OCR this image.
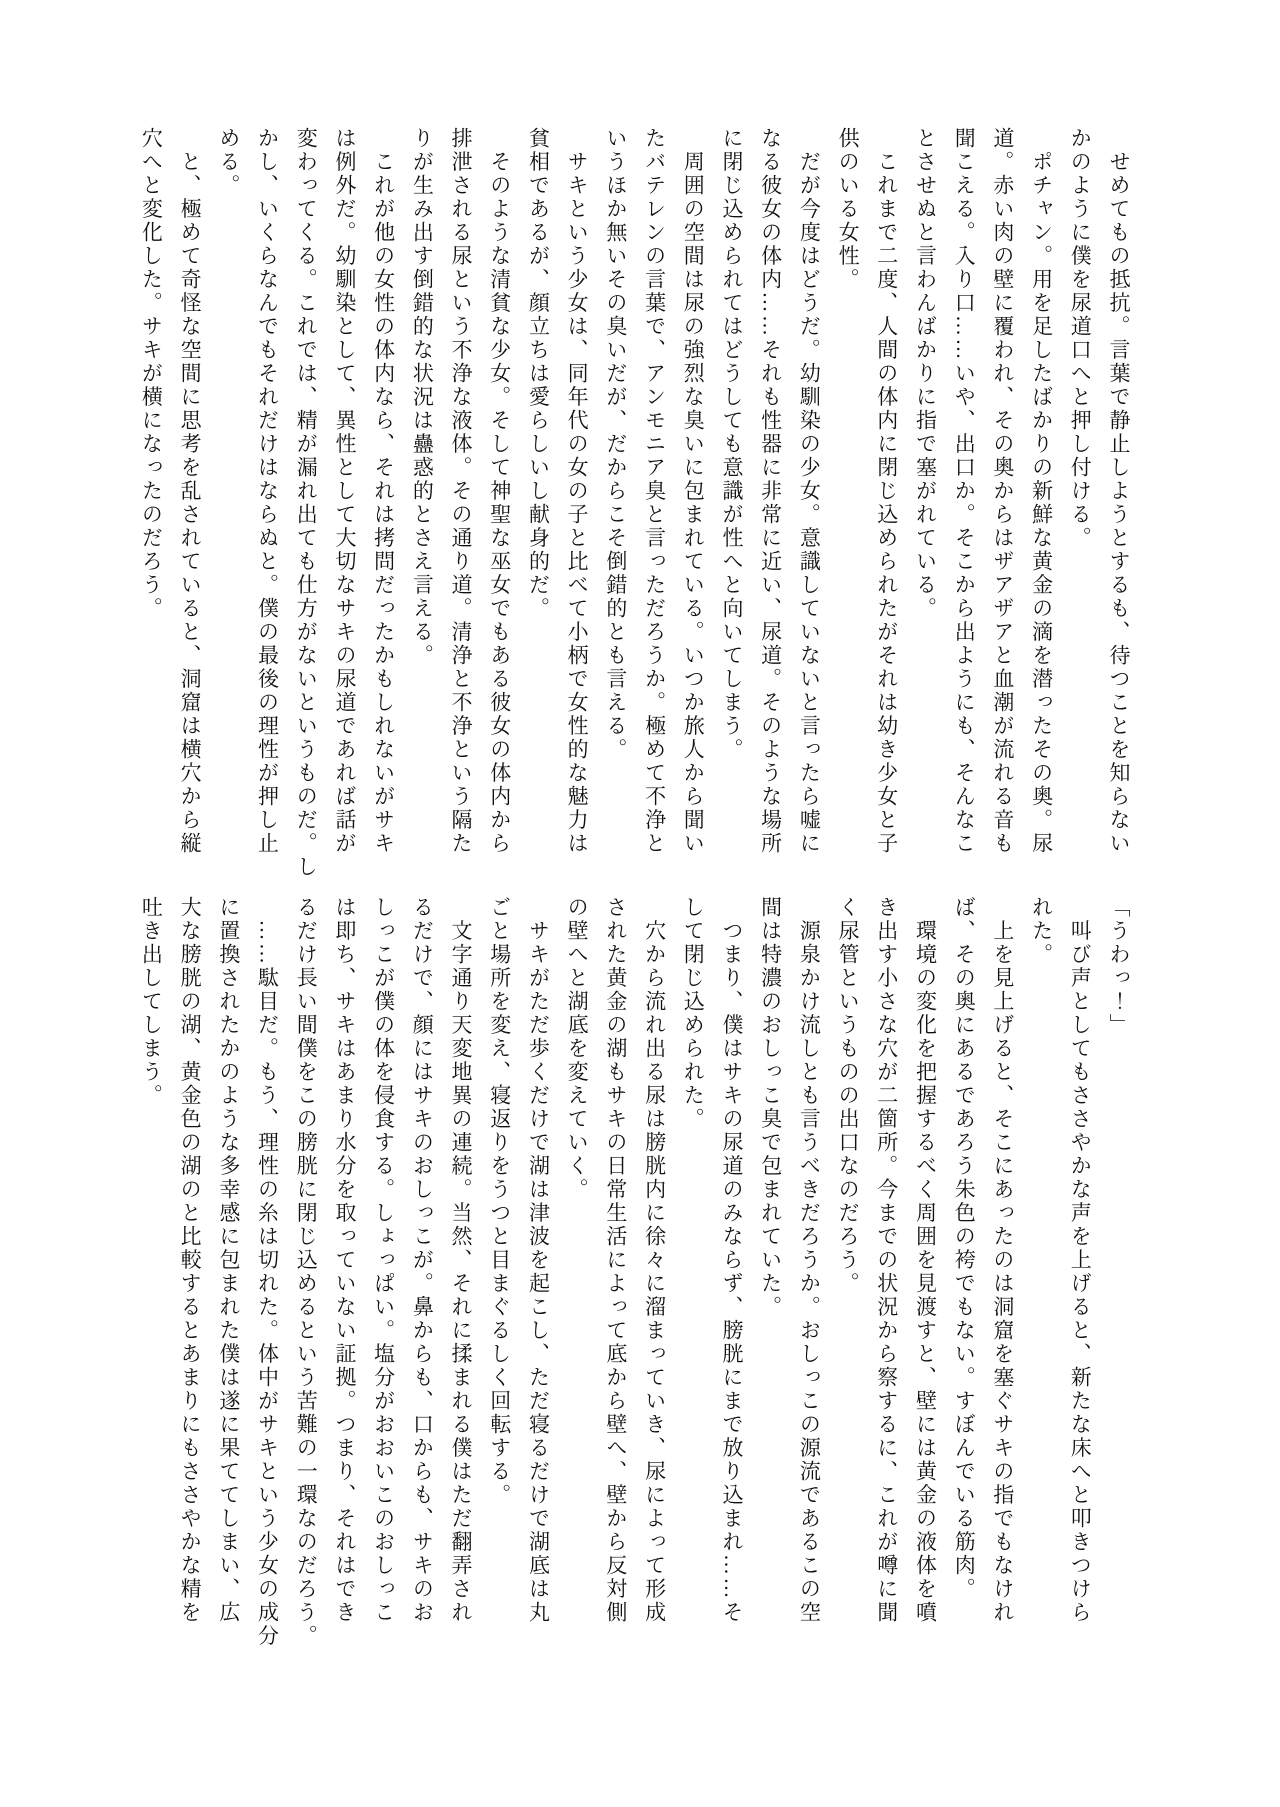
　せめてもの抵抗。言葉で静止しようとするも、待つことを知らない

かのように僕を尿道口へと押し付ける。

　ポチャン。用を足したばかりの新鮮な黄金の滴を潜ったその奥。尿

道。赤い肉の壁に覆われ、その奥からはザアザアと血潮が流れる音も

聞こえる。入り口……いや、出口か。そこから出ようにも、そんなこ

とさせぬと言わんばかりに指で塞がれている。

　これまで二度、人間の体内に閉じ込められたがそれは幼き少女と子

供のいる女性。

　だが今度はどうだ。幼馴染の少女。意識していないと言ったら嘘に

なる彼女の体内……それも性器に非常に近い、尿道。そのような場所

に閉じ込められてはどうしても意識が性へと向いてしまう。

　周囲の空間は尿の強烈な臭いに包まれている。いつか旅人から聞い

たバテレンの言葉で、アンモニア臭と言っただろうか。極めて不浄と

いうほか無いその臭いだが、だからこそ倒錯的とも言える。

　サキという少女は、同年代の女の子と比べて小柄で女性的な魅力は

貧相であるが、顔立ちは愛らしいし献身的だ。

　そのような清貧な少女。そして神聖な巫女でもある彼女の体内から

排泄される尿という不浄な液体。その通り道。清浄と不浄という隔た

りが生み出す倒錯的な状況は蠱惑的とさえ言える。

　これが他の女性の体内なら、それは拷問だったかもしれないがサキ

は例外だ。幼馴染として、異性として大切なサキの尿道であれば話が

変わってくる。これでは、精が漏れ出ても仕方がないというものだ。し

かし、いくらなんでもそれだけはならぬと。僕の最後の理性が押し止

める。

　と、極めて奇怪な空間に思考を乱されていると、洞窟は横穴から縦

穴へと変化した。サキが横になったのだろう。

「うわっ！」

　叫び声としてもささやかな声を上げると、新たな床へと叩きつけら

れた。

　上を見上げると、そこにあったのは洞窟を塞ぐサキの指でもなけれ

ば、その奥にあるであろう朱色の袴でもない。すぼんでいる筋肉。

　環境の変化を把握するべく周囲を見渡すと、壁には黄金の液体を噴

き出す小さな穴が二箇所。今までの状況から察するに、これが噂に聞

く尿管というものの出口なのだろう。

　源泉かけ流しとも言うべきだろうか。おしっこの源流であるこの空

間は特濃のおしっこ臭で包まれていた。

　つまり、僕はサキの尿道のみならず、膀胱にまで放り込まれ……そ

して閉じ込められた。

　穴から流れ出る尿は膀胱内に徐々に溜まっていき、尿によって形成

された黄金の湖もサキの日常生活によって底から壁へ、壁から反対側

の壁へと湖底を変えていく。

　サキがただ歩くだけで湖は津波を起こし、ただ寝るだけで湖底は丸

ごと場所を変え、寝返りをうつと目まぐるしく回転する。

　文字通り天変地異の連続。当然、それに揉まれる僕はただ翻弄され

るだけで、顔にはサキのおしっこが。鼻からも、口からも、サキのお

しっこが僕の体を侵食する。しょっぱい。塩分がおおいこのおしっこ

は即ち、サキはあまり水分を取っていない証拠。つまり、それはでき

るだけ長い間僕をこの膀胱に閉じ込めるという苦難の一環なのだろう。

　……駄目だ。もう、理性の糸は切れた。体中がサキという少女の成分

に置換されたかのような多幸感に包まれた僕は遂に果ててしまい、広

大な膀胱の湖、黄金色の湖のと比較するとあまりにもささやかな精を

吐き出してしまう。
